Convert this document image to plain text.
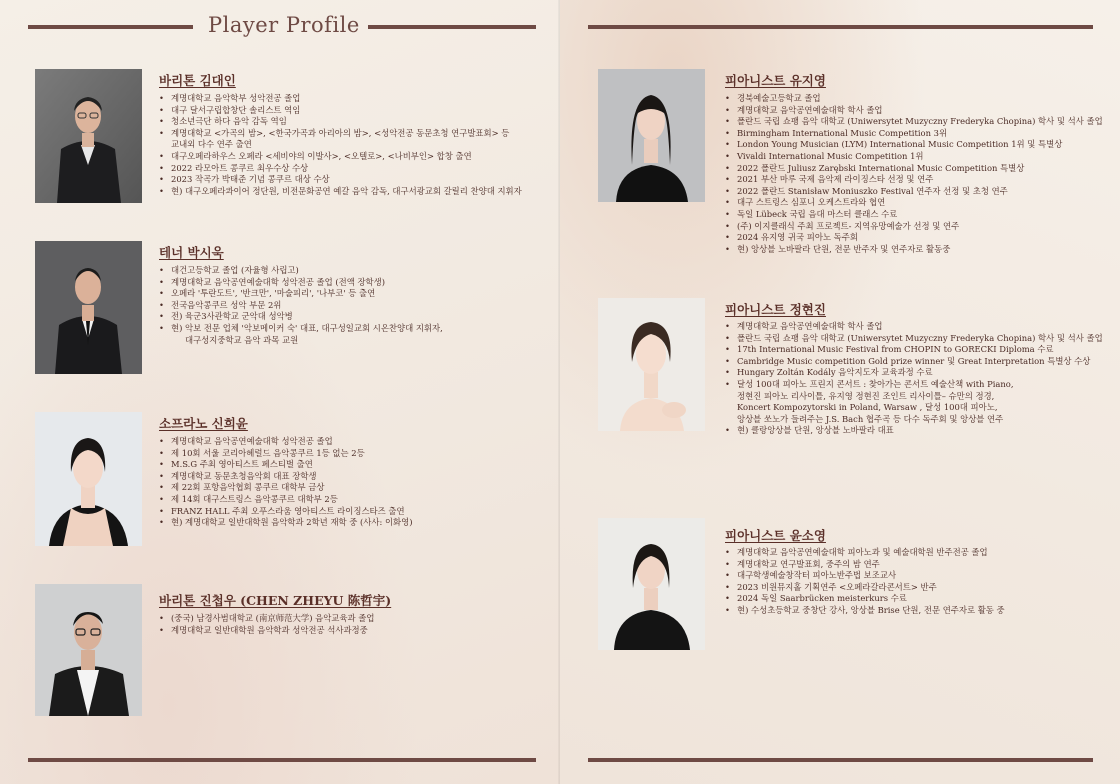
Player Profile
바리톤 김대인
• 계명대학교 음악학부 성악전공 졸업
• 대구 달서구립합창단 솔리스트 역임
• 청소년극단 하다 음악 감독 역임
• 계명대학교 <가곡의 밤>, <한국가곡과 아리아의 밤>, <성악전공 동문초청 연구발표회> 등
교내외 다수 연주 출연
• 대구오페라하우스 오페라 <세비야의 이발사>, <오텔로>, <나비부인> 합창 출연
• 2022 라모아트 콩쿠르 최우수상 수상
• 2023 작곡가 박태준 기념 콩쿠르 대상 수상
• 현) 대구오페라콰이어 정단원, 비전문화공연 예갈 음악 감독, 대구서광교회 갈릴리 찬양대 지휘자
테너 박시욱
• 대건고등학교 졸업 (자율형 사립고)
• 계명대학교 음악공연예술대학 성악전공 졸업 (전액 장학생)
• 오페라 '투란도트', '반크만', '마술피리', '나부코' 등 출연
• 전국음악콩쿠르 성악 부문 2위
• 전) 육군3사관학교 군악대 성악병
• 현) 악보 전문 업체 '악보메이커 숙' 대표, 대구성일교회 시온찬양대 지휘자,
대구성지중학교 음악 과목 교원
소프라노 신희윤
• 계명대학교 음악공연예술대학 성악전공 졸업
• 제 10회 서울 코리아헤럴드 음악콩쿠르 1등 없는 2등
• M.S.G 주최 영아티스트 페스티벌 출연
• 계명대학교 동문초청음악회 대표 장학생
• 제 22회 포항음악협회 콩쿠르 대학부 금상
• 제 14회 대구스트링스 음악콩쿠르 대학부 2등
• FRANZ HALL 주최 오푸스라움 영아티스트 라이징스타즈 출연
• 현) 계명대학교 일반대학원 음악학과 2학년 재학 중 (사사: 이화영)
바리톤 진첩우 (CHEN ZHEYU 陈哲宇)
• (중국) 남경사범대학교 (南京师范大学) 음악교육과 졸업
• 계명대학교 일반대학원 음악학과 성악전공 석사과정중
피아니스트 유지영
• 경북예술고등학교 졸업
• 계명대학교 음악공연예술대학 학사 졸업
• 폴란드 국립 쇼팽 음악 대학교 (Uniwersytet Muzyczny Frederyka Chopina) 학사 및 석사 졸업
• Birmingham International Music Competition 3위
• London Young Musician (LYM) International Music Competition 1위 및 특별상
• Vivaldi International Music Competition 1위
• 2022 폴란드 Juliusz Zarębski International Music Competition 특별상
• 2021 부산 마루 국제 음악제 라이징스타 선정 및 연주
• 2022 폴란드 Stanisław Moniuszko Festival 연주자 선정 및 초청 연주
• 대구 스트링스 심포니 오케스트라와 협연
• 독일 Lübeck 국립 음대 마스터 클래스 수료
• (주) 이지클래식 주최 프로젝트- 지역유망예술가 선정 및 연주
• 2024 유지영 귀국 피아노 독주회
• 현) 앙상블 노바팔라 단원, 전문 반주자 및 연주자로 활동중
피아니스트 정현진
• 계명대학교 음악공연예술대학 학사 졸업
• 폴란드 국립 쇼팽 음악 대학교 (Uniwersytet Muzyczny Frederyka Chopina) 학사 및 석사 졸업
• 17th International Music Festival from CHOPIN to GORECKI Diploma 수료
• Cambridge Music competition Gold prize winner 및 Great Interpretation 특별상 수상
• Hungary Zoltán Kodály 음악지도자 교육과정 수료
• 달성 100대 피아노 프린지 콘서트 : 찾아가는 콘서트 예술산책 with Piano,
정현진 피아노 리사이틀, 유지영 정현진 조인트 리사이틀– 슈만의 정경,
Koncert Kompozytorski in Poland, Warsaw , 달성 100대 피아노,
앙상블 쏘노가 들려주는 J.S. Bach 협주곡 등 다수 독주회 및 앙상블 연주
• 현) 클랑앙상블 단원, 앙상블 노바팔라 대표
피아니스트 윤소영
• 계명대학교 음악공연예술대학 피아노과 및 예술대학원 반주전공 졸업
• 계명대학교 연구발표회, 중주의 밤 연주
• 대구학생예술창작터 피아노반주법 보조교사
• 2023 비원뮤지홀 기획연주 <오페라갈라콘서트> 반주
• 2024 독일 Saarbrücken meisterkurs 수료
• 현) 수성초등학교 중창단 강사, 앙상블 Brise 단원, 전문 연주자로 활동 중
